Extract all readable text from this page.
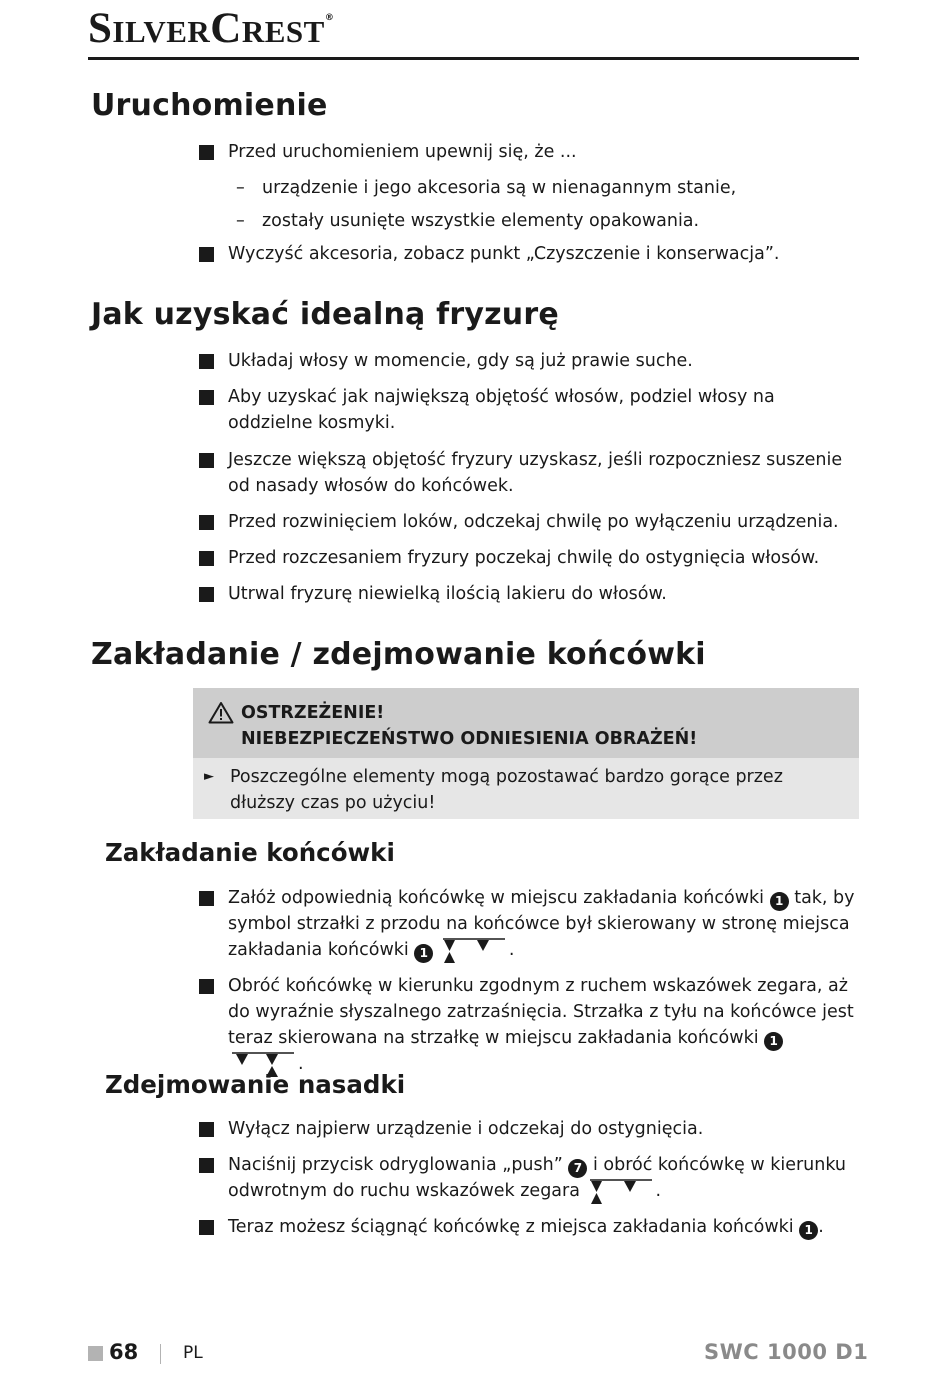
SILVERCREST®
Uruchomienie
Przed uruchomieniem upewnij się, że ...
– urządzenie i jego akcesoria są w nienagannym stanie,
– zostały usunięte wszystkie elementy opakowania.
Wyczyść akcesoria, zobacz punkt „Czyszczenie i konserwacja”.
Jak uzyskać idealną fryzurę
Układaj włosy w momencie, gdy są już prawie suche.
Aby uzyskać jak największą objętość włosów, podziel włosy na oddzielne kosmyki.
Jeszcze większą objętość fryzury uzyskasz, jeśli rozpoczniesz suszenie od nasady włosów do końcówek.
Przed rozwinięciem loków, odczekaj chwilę po wyłączeniu urządzenia.
Przed rozczesaniem fryzury poczekaj chwilę do ostygnięcia włosów.
Utrwal fryzurę niewielką ilością lakieru do włosów.
Zakładanie / zdejmowanie końcówki
OSTRZEŻENIE!
NIEBEZPIECZEŃSTWO ODNIESIENIA OBRAŻEŃ!
► Poszczególne elementy mogą pozostawać bardzo gorące przez dłuższy czas po użyciu!
Zakładanie końcówki
Załóż odpowiednią końcówkę w miejscu zakładania końcówki 1 tak, by symbol strzałki z przodu na końcówce był skierowany w stronę miejsca zakładania końcówki 1	.
Obróć końcówkę w kierunku zgodnym z ruchem wskazówek zegara, aż do wyraźnie słyszalnego zatrzaśnięcia. Strzałka z tyłu na końcówce jest teraz skierowana na strzałkę w miejscu zakładania końcówki 1 .
Zdejmowanie nasadki
Wyłącz najpierw urządzenie i odczekaj do ostygnięcia.
Naciśnij przycisk odryglowania „push” 7 i obróć końcówkę w kierunku odwrotnym do ruchu wskazówek zegara	.
Teraz możesz ściągnąć końcówkę z miejsca zakładania końcówki 1 .
68	PL	SWC 1000 D1
